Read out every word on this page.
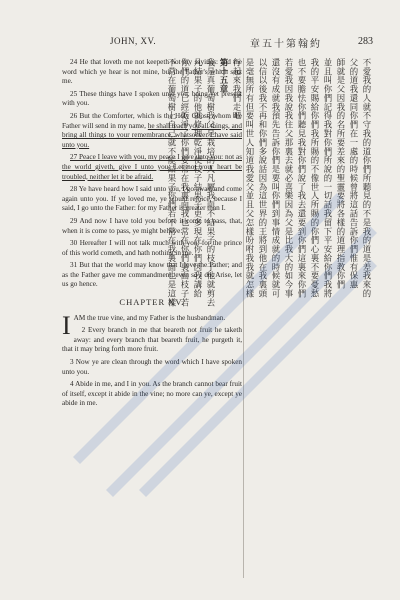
JOHN, XV.	章五十第翰約	283

24 He that loveth me not keepeth not my sayings: and the word which ye hear is not mine, but the Father's which sent me.

25 These things have I spoken unto you, being yet present with you.

26 But the Comforter, which is the Holy Ghost, whom the Father will send in my name, he shall teach you all things, and bring all things to your remembrance, whatsoever I have said unto you.

27 Peace I leave with you, my peace I give unto you: not as the world giveth, give I unto you. Let not your heart be troubled, neither let it be afraid.

28 Ye have heard how I said unto you, I go away, and come again unto you. If ye loved me, ye would rejoice, because I said, I go unto the Father: for my Father is greater than I.

29 And now I have told you before it come to pass, that, when it is come to pass, ye might believe.

30 Hereafter I will not talk much with you: for the prince of this world cometh, and hath nothing in me.

31 But that the world may know that I love the Father; and as the Father gave me commandment, even so I do. Arise, let us go hence.

CHAPTER XV.

IAM the true vine, and my Father is the husbandman.

2 Every branch in me that beareth not fruit he taketh away: and every branch that beareth fruit, he purgeth it, that it may bring forth more fruit.

3 Now ye are clean through the word which I have spoken unto you.

4 Abide in me, and I in you. As the branch cannot bear fruit of itself, except it abide in the vine; no more can ye, except ye abide in me.

不愛我的人就不守我的道你們所聽見的不是我的道是差我來的

父的道我還同你們在一處的時候曾將這話告訴你們惟有保惠

師就是父因我的名所要差來的聖靈要將各樣的道理指教你們

並且叫你們記得我對你們所說的一切話我留下平安給你們我將

我的平安賜給你們我所賜的不像世人所賜的你們心裏不要憂愁

也不要膽怯你們聽見我對你們說了我去還要到你們這裏來你們

若愛我因我說我往父那裏去就必喜樂因為父是比我大的如今事

還沒有成就我預先告訴你們是要叫你們到事情成就的時候就可

以信以後我不再和你們多說話因為這世界的王將到他在我裏頭

是毫無所有但要叫世人知道我愛父並且父怎樣吩咐我我就怎樣

行起來我們走吧

第十五章

我是真葡萄樹我父是栽培的人凡屬我而不結果子的枝子他就剪去

凡結果子的他就修理乾淨使枝子結果子更多現在你們因我講給

你們的道已經乾淨了你們要常在我裏面我也常在你們裏面枝子若

不常在葡萄樹上自己就不能結果子你們若不常在我裏面也是這樣
